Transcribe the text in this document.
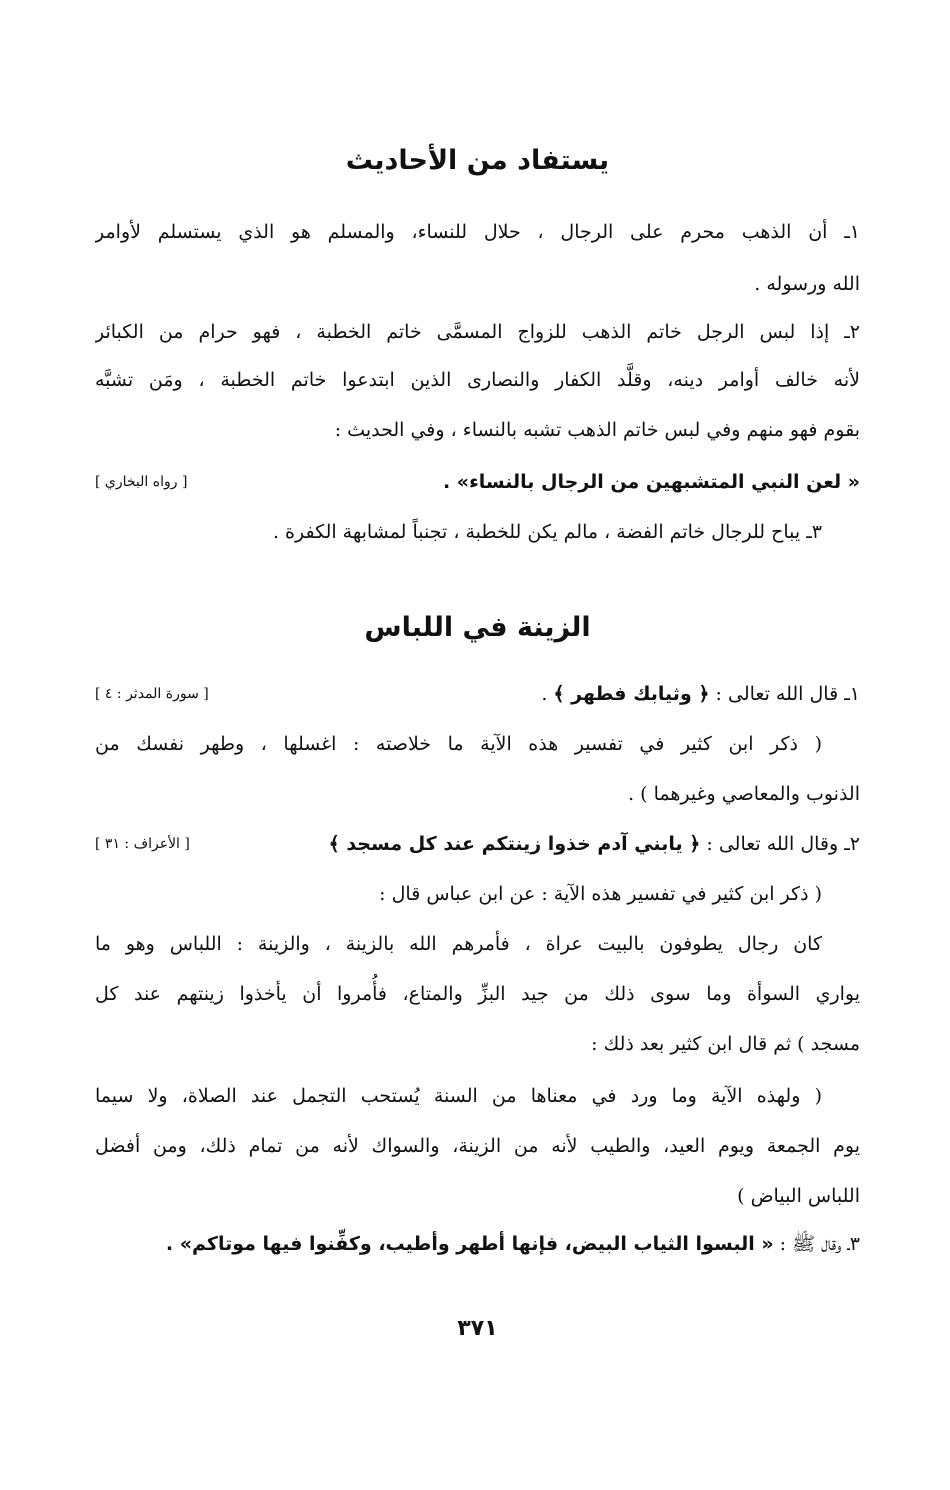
يستفاد من الأحاديث
١ـ أن الذهب محرم على الرجال ، حلال للنساء، والمسلم هو الذي يستسلم لأوامر
الله ورسوله .
٢ـ إذا لبس الرجل خاتم الذهب للزواج المسمَّى خاتم الخطبة ، فهو حرام من الكبائر
لأنه خالف أوامر دينه، وقلَّد الكفار والنصارى الذين ابتدعوا خاتم الخطبة ، ومَن تشبَّه
بقوم فهو منهم وفي لبس خاتم الذهب تشبه بالنساء ، وفي الحديث :
« لعن النبي المتشبهين من الرجال بالنساء» .
[ رواه البخاري ]
٣ـ يباح للرجال خاتم الفضة ، مالم يكن للخطبة ، تجنباً لمشابهة الكفرة .
الزينة في اللباس
١ـ قال الله تعالى : ﴿ وثيابك فطهر ﴾ .
[ سورة المدثر : ٤ ]
( ذكر ابن كثير في تفسير هذه الآية ما خلاصته : اغسلها ، وطهر نفسك من
الذنوب والمعاصي وغيرهما ) .
٢ـ وقال الله تعالى : ﴿ يابني آدم خذوا زينتكم عند كل مسجد ﴾
[ الأعراف : ٣١ ]
( ذكر ابن كثير في تفسير هذه الآية : عن ابن عباس قال :
كان رجال يطوفون بالبيت عراة ، فأمرهم الله بالزينة ، والزينة : اللباس وهو ما
يواري السوأة وما سوى ذلك من جيد البزِّ والمتاع، فأُمروا أن يأخذوا زينتهم عند كل
مسجد ) ثم قال ابن كثير بعد ذلك :
( ولهذه الآية وما ورد في معناها من السنة يُستحب التجمل عند الصلاة، ولا سيما
يوم الجمعة ويوم العيد، والطيب لأنه من الزينة، والسواك لأنه من تمام ذلك، ومن أفضل
اللباس البياض )
٣ـ وقال ﷺ : « البسوا الثياب البيض، فإنها أطهر وأطيب، وكفِّنوا فيها موتاكم» .
٣٧١
